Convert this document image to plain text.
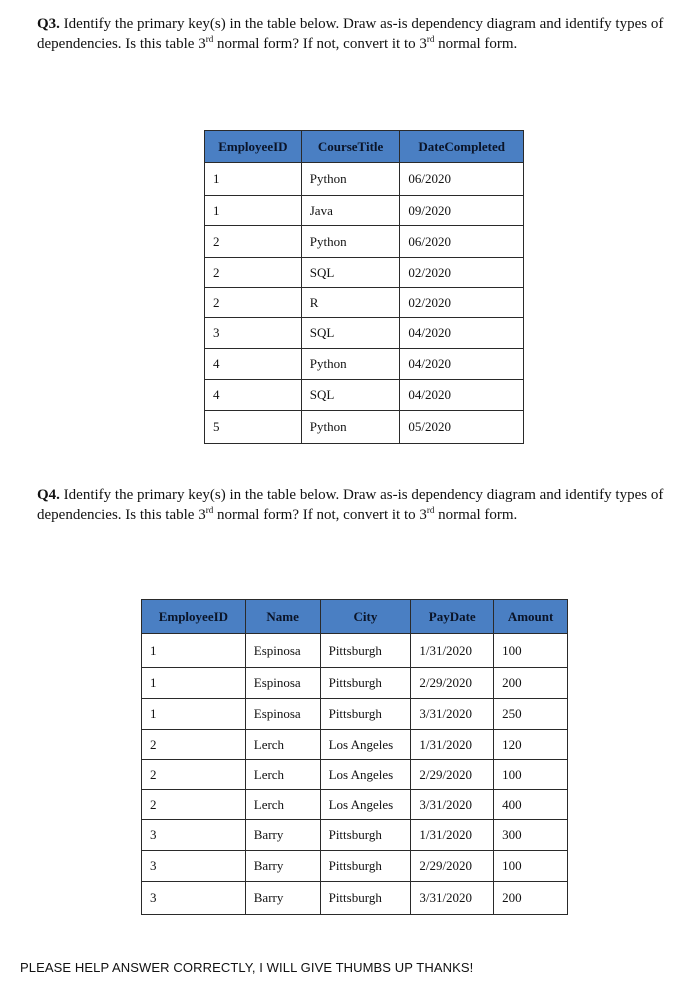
Q3. Identify the primary key(s) in the table below. Draw as-is dependency diagram and identify types of dependencies. Is this table 3rd normal form? If not, convert it to 3rd normal form.
EmployeeID	CourseTitle	DateCompleted
1	Python	06/2020
1	Java	09/2020
2	Python	06/2020
2	SQL	02/2020
2	R	02/2020
3	SQL	04/2020
4	Python	04/2020
4	SQL	04/2020
5	Python	05/2020
Q4. Identify the primary key(s) in the table below. Draw as-is dependency diagram and identify types of dependencies. Is this table 3rd normal form? If not, convert it to 3rd normal form.
EmployeeID	Name	City	PayDate	Amount
1	Espinosa	Pittsburgh	1/31/2020	100
1	Espinosa	Pittsburgh	2/29/2020	200
1	Espinosa	Pittsburgh	3/31/2020	250
2	Lerch	Los Angeles	1/31/2020	120
2	Lerch	Los Angeles	2/29/2020	100
2	Lerch	Los Angeles	3/31/2020	400
3	Barry	Pittsburgh	1/31/2020	300
3	Barry	Pittsburgh	2/29/2020	100
3	Barry	Pittsburgh	3/31/2020	200
PLEASE HELP ANSWER CORRECTLY, I WILL GIVE THUMBS UP THANKS!
